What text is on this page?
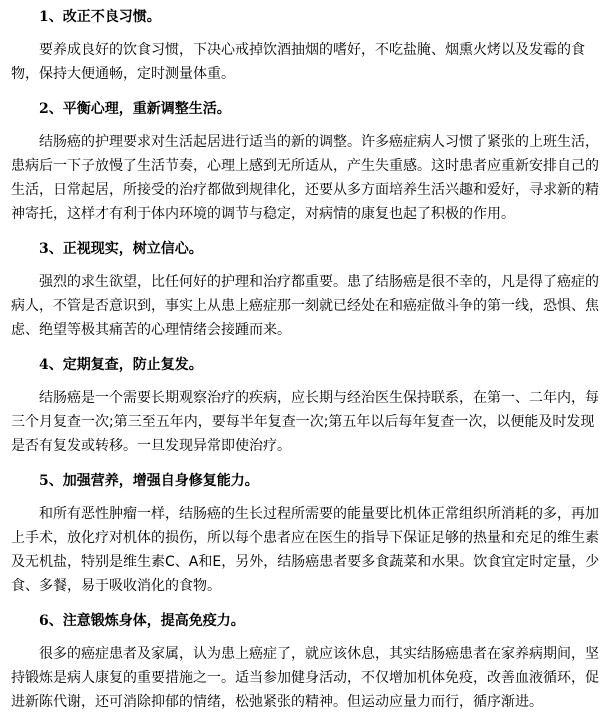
1、改正不良习惯。
要养成良好的饮食习惯，下决心戒掉饮酒抽烟的嗜好，不吃盐腌、烟熏火烤以及发霉的食
物，保持大便通畅，定时测量体重。
2、平衡心理，重新调整生活。
结肠癌的护理要求对生活起居进行适当的新的调整。许多癌症病人习惯了紧张的上班生活，
患病后一下子放慢了生活节奏，心理上感到无所适从，产生失重感。这时患者应重新安排自己的
生活，日常起居，所接受的治疗都做到规律化，还要从多方面培养生活兴趣和爱好，寻求新的精
神寄托，这样才有利于体内环境的调节与稳定，对病情的康复也起了积极的作用。
3、正视现实，树立信心。
强烈的求生欲望，比任何好的护理和治疗都重要。患了结肠癌是很不幸的，凡是得了癌症的
病人，不管是否意识到，事实上从患上癌症那一刻就已经处在和癌症做斗争的第一线，恐惧、焦
虑、绝望等极其痛苦的心理情绪会接踵而来。
4、定期复查，防止复发。
结肠癌是一个需要长期观察治疗的疾病，应长期与经治医生保持联系，在第一、二年内，每
三个月复查一次;第三至五年内，要每半年复查一次;第五年以后每年复查一次，以便能及时发现
是否有复发或转移。一旦发现异常即使治疗。
5、加强营养，增强自身修复能力。
和所有恶性肿瘤一样，结肠癌的生长过程所需要的能量要比机体正常组织所消耗的多，再加
上手术，放化疗对机体的损伤，所以每个患者应在医生的指导下保证足够的热量和充足的维生素
及无机盐，特别是维生素C、A和E，另外，结肠癌患者要多食蔬菜和水果。饮食宜定时定量，少
食、多餐，易于吸收消化的食物。
6、注意锻炼身体，提高免疫力。
很多的癌症患者及家属，认为患上癌症了，就应该休息，其实结肠癌患者在家养病期间，坚
持锻炼是病人康复的重要措施之一。适当参加健身活动，不仅增加机体免疫，改善血液循环，促
进新陈代谢，还可消除抑郁的情绪，松弛紧张的精神。但运动应量力而行，循序渐进。
